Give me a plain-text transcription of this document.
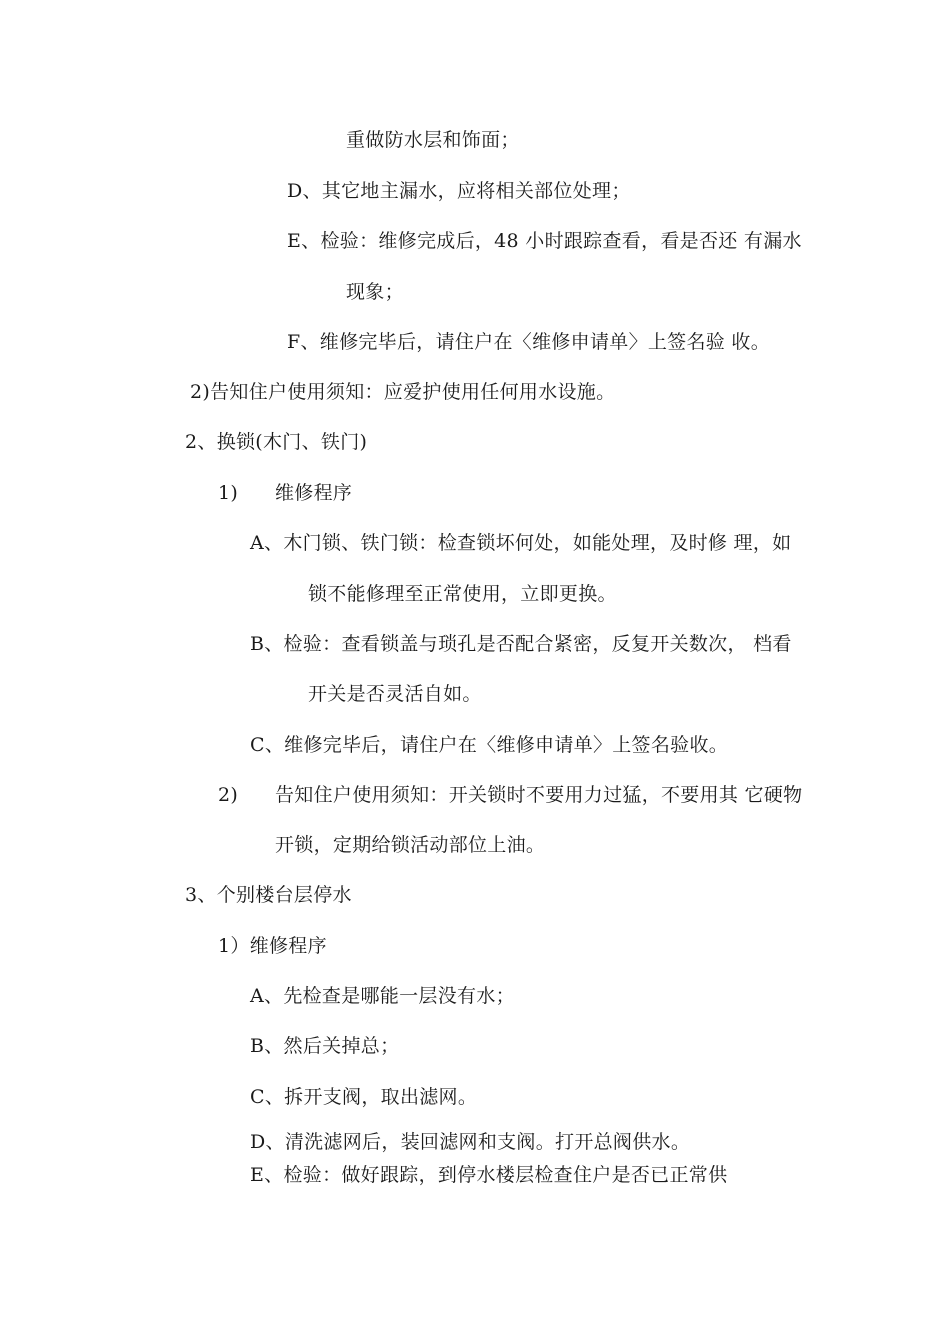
重做防水层和饰面；
D、其它地主漏水，应将相关部位处理；
E、检验：维修完成后，48 小时跟踪查看，看是否还 有漏水
现象；
F、维修完毕后，请住户在〈维修申请单〉上签名验 收。
2)告知住户使用须知：应爱护使用任何用水设施。
2、换锁(木门、铁门)
1) 维修程序
A、木门锁、铁门锁：检查锁坏何处，如能处理，及时修 理，如
锁不能修理至正常使用，立即更换。
B、检验：查看锁盖与琐孔是否配合紧密，反复开关数次， 档看
开关是否灵活自如。
C、维修完毕后，请住户在〈维修申请单〉上签名验收。
2) 告知住户使用须知：开关锁时不要用力过猛，不要用其 它硬物
开锁，定期给锁活动部位上油。
3、个别楼台层停水
1）维修程序
A、先检查是哪能一层没有水；
B、然后关掉总；
C、拆开支阀，取出滤网。
D、清洗滤网后，装回滤网和支阀。打开总阀供水。
E、检验：做好跟踪，到停水楼层检查住户是否已正常供
